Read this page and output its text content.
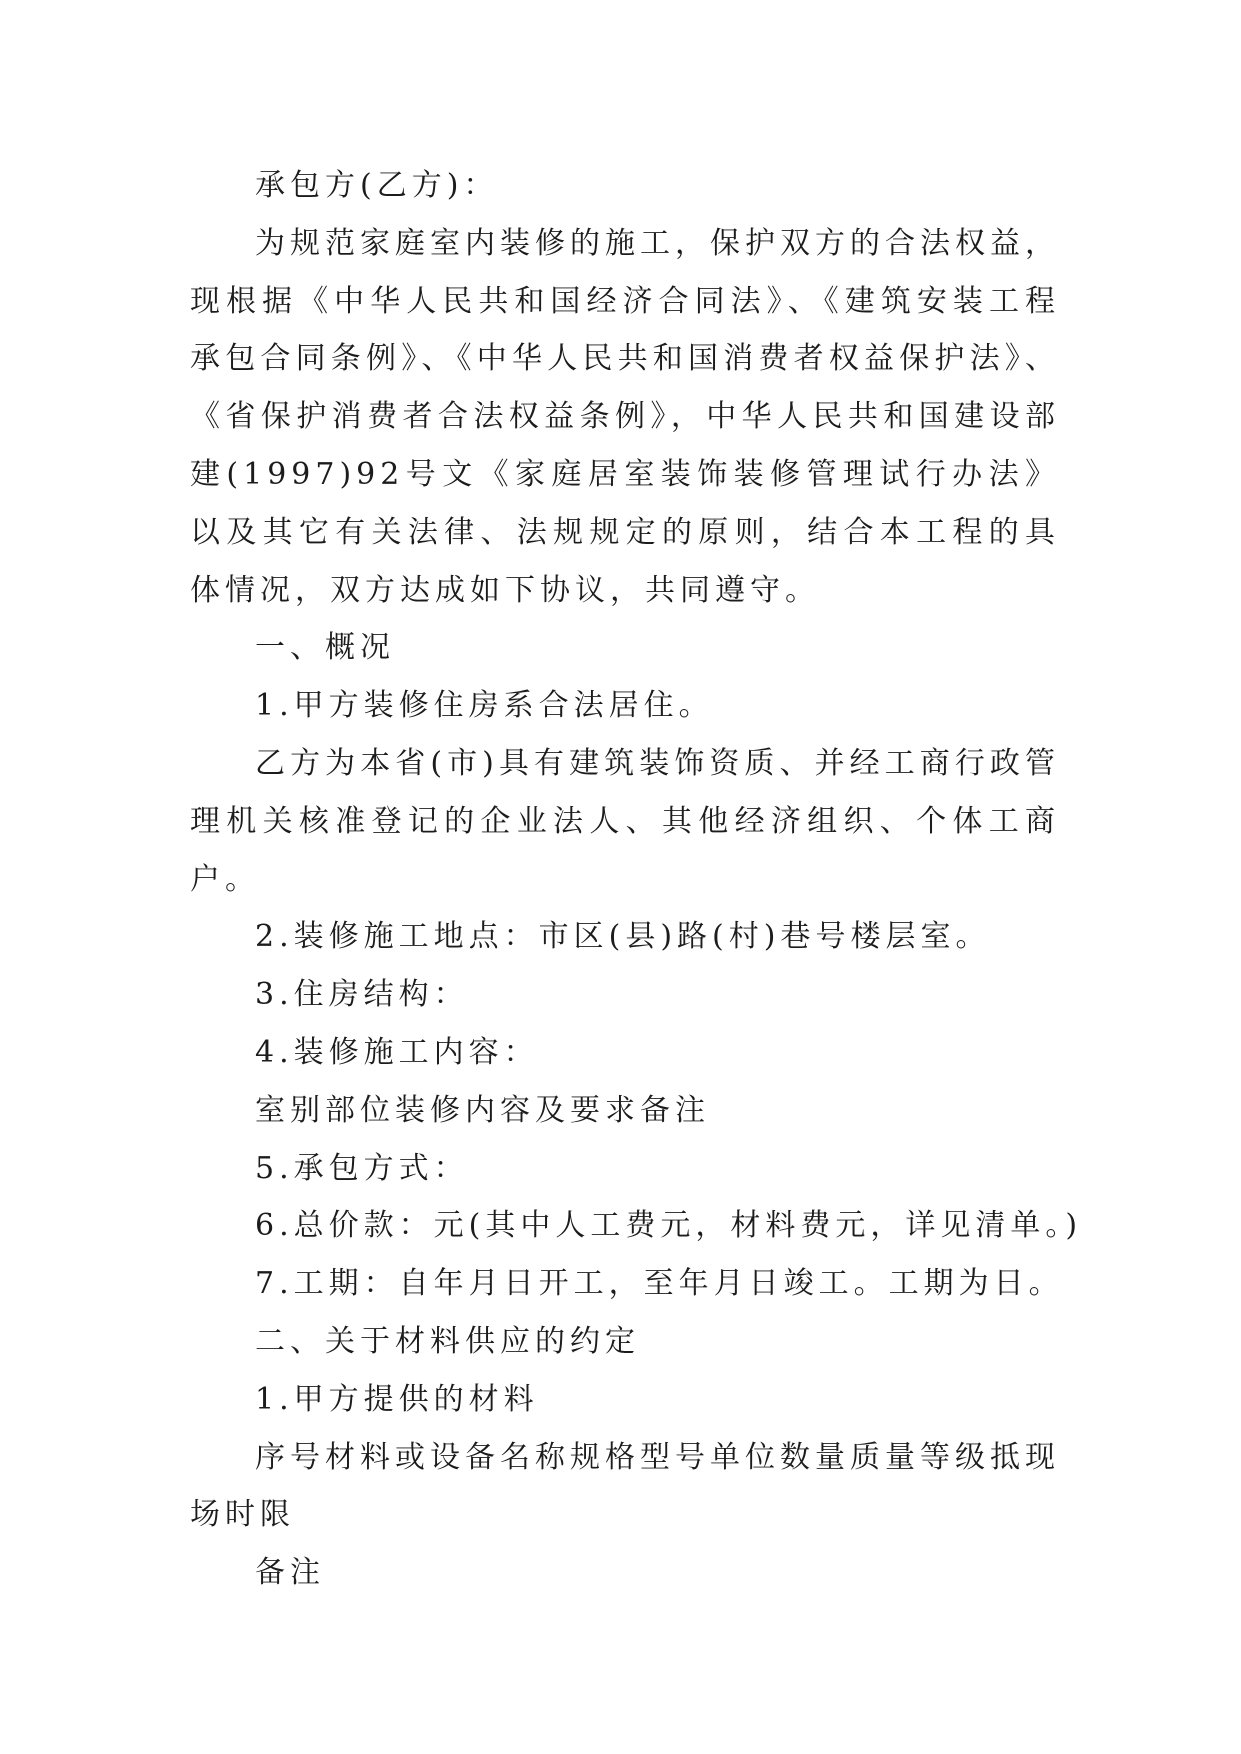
承包方(乙方)：

为规范家庭室内装修的施工，保护双方的合法权益，现根据《中华人民共和国经济合同法》、《建筑安装工程承包合同条例》、《中华人民共和国消费者权益保护法》、《省保护消费者合法权益条例》，中华人民共和国建设部建(1997)92号文《家庭居室装饰装修管理试行办法》以及其它有关法律、法规规定的原则，结合本工程的具体情况，双方达成如下协议，共同遵守。

一、概况

1.甲方装修住房系合法居住。

乙方为本省(市)具有建筑装饰资质、并经工商行政管理机关核准登记的企业法人、其他经济组织、个体工商户。

2.装修施工地点：市区(县)路(村)巷号楼层室。

3.住房结构：

4.装修施工内容：

室别部位装修内容及要求备注

5.承包方式：

6.总价款：元(其中人工费元，材料费元，详见清单。)

7.工期：自年月日开工，至年月日竣工。工期为日。

二、关于材料供应的约定

1.甲方提供的材料

序号材料或设备名称规格型号单位数量质量等级抵现场时限

备注
